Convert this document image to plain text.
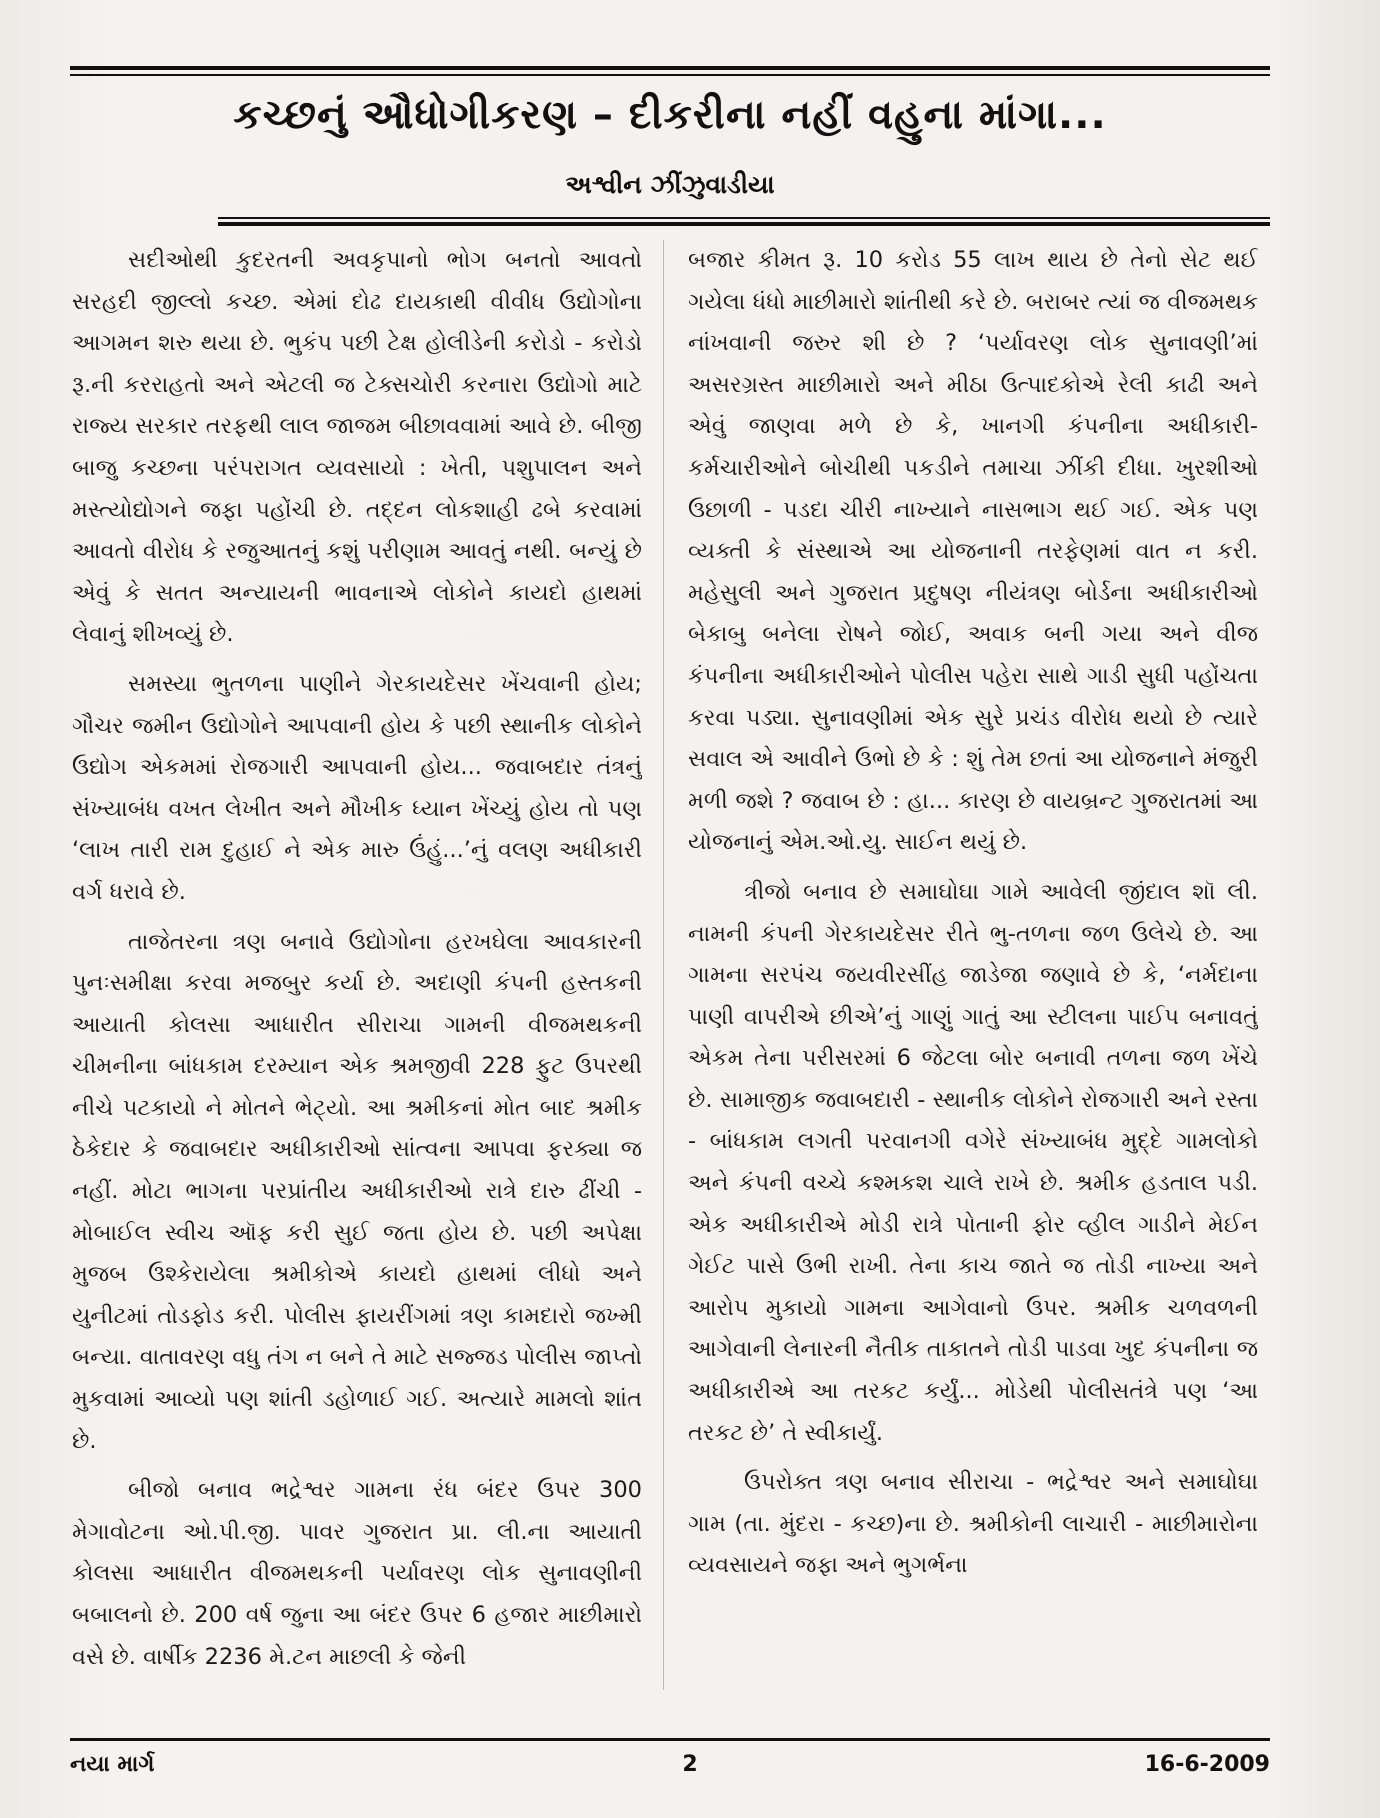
કચ્છનું ઔધોગીકરણ – દીકરીના નહીં વહુના માંગા...
અશ્વીન ઝીંઝુવાડીયા

સદીઓથી કુદરતની અવકૃપાનો ભોગ બનતો આવતો સરહદી જીલ્લો કચ્છ. એમાં દોઢ દાયકાથી વીવીધ ઉદ્યોગોના આગમન શરુ થયા છે. ભુકંપ પછી ટેક્ષ હોલીડેની કરોડો - કરોડો રૂ.ની કરરાહતો અને એટલી જ ટેક્સચોરી કરનારા ઉદ્યોગો માટે રાજ્ય સરકાર તરફથી લાલ જાજમ બીછાવવામાં આવે છે. બીજી બાજુ કચ્છના પરંપરાગત વ્યવસાયો : ખેતી, પશુપાલન અને મસ્ત્યોદ્યોગને જફા પહોંચી છે. તદ્દન લોકશાહી ઢબે કરવામાં આવતો વીરોધ કે રજુઆતનું કશું પરીણામ આવતું નથી. બન્યું છે એવું કે સતત અન્યાયની ભાવનાએ લોકોને કાયદો હાથમાં લેવાનું શીખવ્યું છે.

સમસ્યા ભુતળના પાણીને ગેરકાયદેસર ખેંચવાની હોય; ગૌચર જમીન ઉદ્યોગોને આપવાની હોય કે પછી સ્થાનીક લોકોને ઉદ્યોગ એકમમાં રોજગારી આપવાની હોય... જવાબદાર તંત્રનું સંખ્યાબંધ વખત લેખીત અને મૌખીક ધ્યાન ખેંચ્યું હોય તો પણ ‘લાખ તારી રામ દુહાઈ ને એક મારુ ઉંહું...’નું વલણ અધીકારી વર્ગ ધરાવે છે.

તાજેતરના ત્રણ બનાવે ઉદ્યોગોના હરખઘેલા આવકારની પુનઃસમીક્ષા કરવા મજબુર કર્યા છે. અદાણી કંપની હસ્તકની આયાતી કોલસા આધારીત સીરાચા ગામની વીજમથકની ચીમનીના બાંધકામ દરમ્યાન એક શ્રમજીવી 228 ફુટ ઉપરથી નીચે પટકાયો ને મોતને ભેટ્યો. આ શ્રમીકનાં મોત બાદ શ્રમીક ઠેકેદાર કે જવાબદાર અધીકારીઓ સાંત્વના આપવા ફરક્યા જ નહીં. મોટા ભાગના પરપ્રાંતીય અધીકારીઓ રાત્રે દારુ ઢીંચી - મોબાઈલ સ્વીચ ઑફ કરી સુઈ જતા હોય છે. પછી અપેક્ષા મુજબ ઉશ્કેરાયેલા શ્રમીકોએ કાયદો હાથમાં લીધો અને યુનીટમાં તોડફોડ કરી. પોલીસ ફાયરીંગમાં ત્રણ કામદારો જખ્મી બન્યા. વાતાવરણ વધુ તંગ ન બને તે માટે સજ્જડ પોલીસ જાપ્તો મુકવામાં આવ્યો પણ શાંતી ડહોળાઈ ગઈ. અત્યારે મામલો શાંત છે.

બીજો બનાવ ભદ્રેશ્વર ગામના રંધ બંદર ઉપર 300 મેગાવોટના ઓ.પી.જી. પાવર ગુજરાત પ્રા. લી.ના આયાતી કોલસા આધારીત વીજમથકની પર્યાવરણ લોક સુનાવણીની બબાલનો છે. 200 વર્ષ જુના આ બંદર ઉપર 6 હજાર માછીમારો વસે છે. વાર્ષીક 2236 મે.ટન માછલી કે જેની

બજાર કીમત રૂ. 10 કરોડ 55 લાખ થાય છે તેનો સેટ થઈ ગયેલા ધંધો માછીમારો શાંતીથી કરે છે. બરાબર ત્યાં જ વીજમથક નાંખવાની જરુર શી છે ? ‘પર્યાવરણ લોક સુનાવણી’માં અસરગ્રસ્ત માછીમારો અને મીઠા ઉત્પાદકોએ રેલી કાઢી અને એવું જાણવા મળે છે કે, ખાનગી કંપનીના અધીકારી-કર્મચારીઓને બોચીથી પકડીને તમાચા ઝીંકી દીધા. ખુરશીઓ ઉછાળી - પડદા ચીરી નાખ્યાને નાસભાગ થઈ ગઈ. એક પણ વ્યક્તી કે સંસ્થાએ આ યોજનાની તરફેણમાં વાત ન કરી. મહેસુલી અને ગુજરાત પ્રદુષણ નીયંત્રણ બોર્ડના અધીકારીઓ બેકાબુ બનેલા રોષને જોઈ, અવાક બની ગયા અને વીજ કંપનીના અધીકારીઓને પોલીસ પહેરા સાથે ગાડી સુધી પહોંચતા કરવા પડ્યા. સુનાવણીમાં એક સુરે પ્રચંડ વીરોધ થયો છે ત્યારે સવાલ એ આવીને ઉભો છે કે : શું તેમ છતાં આ યોજનાને મંજુરી મળી જશે ? જવાબ છે : હા... કારણ છે વાયબ્રન્ટ ગુજરાતમાં આ યોજનાનું એમ.ઓ.યુ. સાઈન થયું છે.

ત્રીજો બનાવ છે સમાઘોઘા ગામે આવેલી જીંદાલ શૉ લી. નામની કંપની ગેરકાયદેસર રીતે ભુ-તળના જળ ઉલેચે છે. આ ગામના સરપંચ જયવીરસીંહ જાડેજા જણાવે છે કે, ‘નર્મદાના પાણી વાપરીએ છીએ’નું ગાણું ગાતું આ સ્ટીલના પાઈપ બનાવતું એકમ તેના પરીસરમાં 6 જેટલા બોર બનાવી તળના જળ ખેંચે છે. સામાજીક જવાબદારી - સ્થાનીક લોકોને રોજગારી અને રસ્તા - બાંધકામ લગતી પરવાનગી વગેરે સંખ્યાબંધ મુદ્દે ગામલોકો અને કંપની વચ્ચે કશ્મકશ ચાલે રાખે છે. શ્રમીક હડતાલ પડી. એક અધીકારીએ મોડી રાત્રે પોતાની ફોર વ્હીલ ગાડીને મેઈન ગેઈટ પાસે ઉભી રાખી. તેના કાચ જાતે જ તોડી નાખ્યા અને આરોપ મુકાયો ગામના આગેવાનો ઉપર. શ્રમીક ચળવળની આગેવાની લેનારની નૈતીક તાકાતને તોડી પાડવા ખુદ કંપનીના જ અધીકારીએ આ તરકટ કર્યું... મોડેથી પોલીસતંત્રે પણ ‘આ તરકટ છે’ તે સ્વીકાર્યું.

ઉપરોક્ત ત્રણ બનાવ સીરાચા - ભદ્રેશ્વર અને સમાઘોઘા ગામ (તા. મુંદરા - કચ્છ)ના છે. શ્રમીકોની લાચારી - માછીમારોના વ્યવસાયને જફા અને ભુગર્ભના

નયા માર્ગ	2	16-6-2009
